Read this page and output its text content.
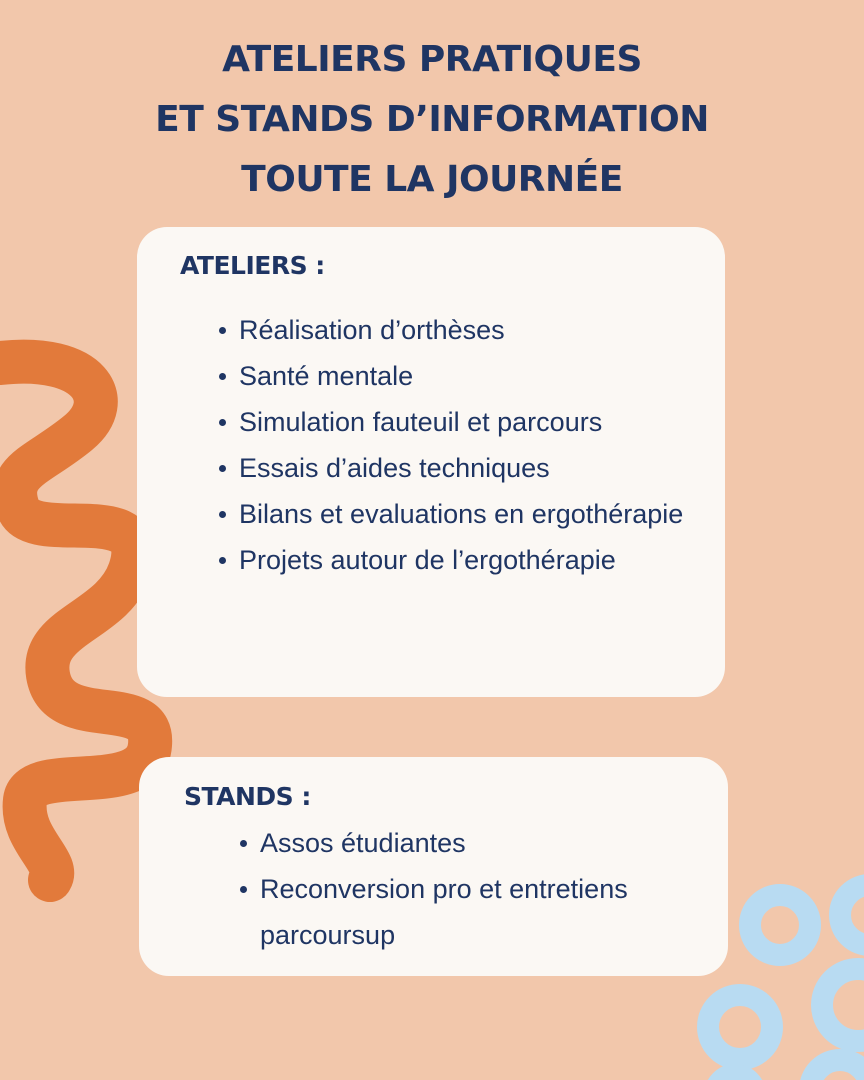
ATELIERS PRATIQUES
ET STANDS D’INFORMATION
TOUTE LA JOURNÉE
ATELIERS :
Réalisation d’orthèses
Santé mentale
Simulation fauteuil et parcours
Essais d’aides techniques
Bilans et evaluations en ergothérapie
Projets autour de l’ergothérapie
STANDS :
Assos étudiantes
Reconversion pro et entretiens parcoursup
